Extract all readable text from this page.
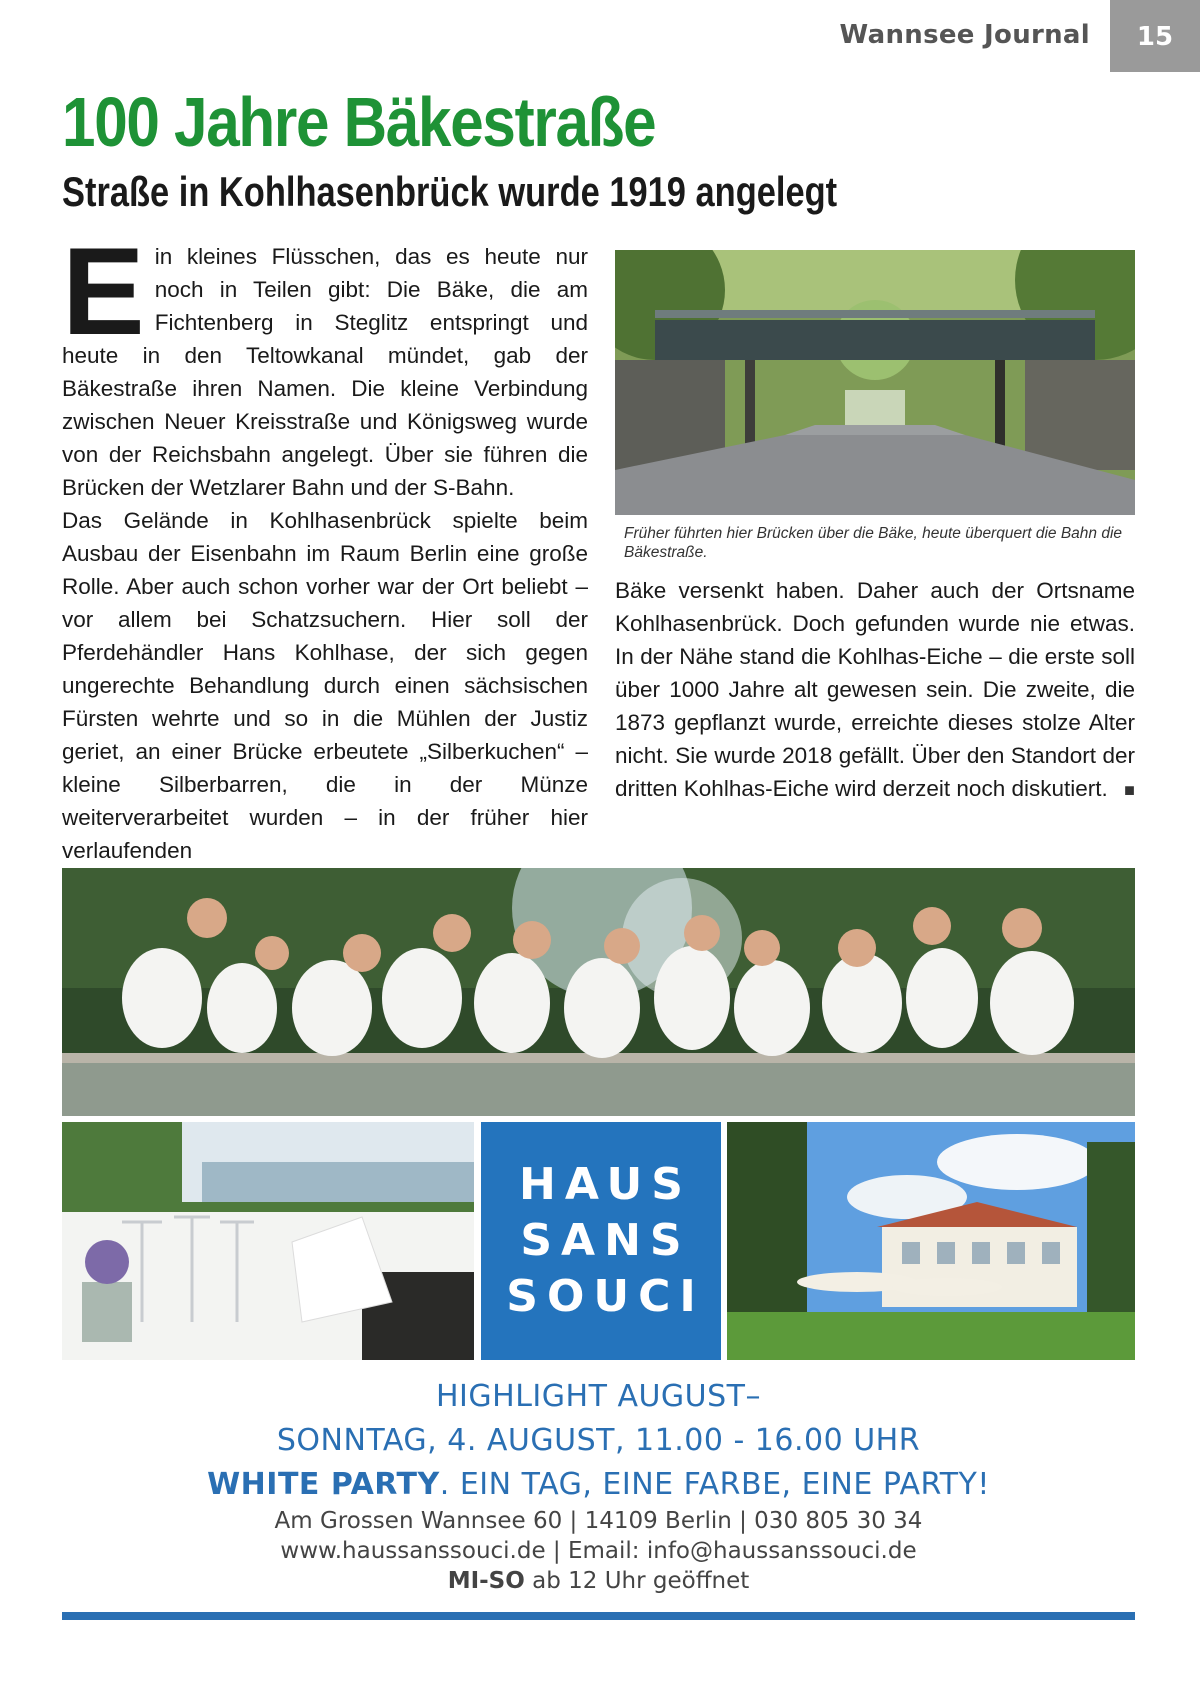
Wannsee Journal	15
100 Jahre Bäkestraße
Straße in Kohlhasenbrück wurde 1919 angelegt

Ein kleines Flüsschen, das es heute nur noch in Teilen gibt: Die Bäke, die am Fichtenberg in Steglitz entspringt und heute in den Teltowkanal mündet, gab der Bäkestraße ihren Namen. Die kleine Verbindung zwischen Neuer Kreisstraße und Königsweg wurde von der Reichsbahn angelegt. Über sie führen die Brücken der Wetzlarer Bahn und der S-Bahn.

Das Gelände in Kohlhasenbrück spielte beim Ausbau der Eisenbahn im Raum Berlin eine große Rolle. Aber auch schon vorher war der Ort beliebt – vor allem bei Schatzsuchern. Hier soll der Pferdehändler Hans Kohlhase, der sich gegen ungerechte Behandlung durch einen sächsischen Fürsten wehrte und so in die Mühlen der Justiz geriet, an einer Brücke erbeutete „Silberkuchen“ – kleine Silberbarren, die in der Münze weiterverarbeitet wurden – in der früher hier verlaufenden

Früher führten hier Brücken über die Bäke, heute überquert die Bahn die Bäkestraße.

Bäke versenkt haben. Daher auch der Ortsname Kohlhasenbrück. Doch gefunden wurde nie etwas. In der Nähe stand die Kohlhas-Eiche – die erste soll über 1000 Jahre alt gewesen sein. Die zweite, die 1873 gepflanzt wurde, erreichte dieses stolze Alter nicht. Sie wurde 2018 gefällt. Über den Standort der dritten Kohlhas-Eiche wird derzeit noch diskutiert. ■

HAUS
SANS
SOUCI
HIGHLIGHT AUGUST–
SONNTAG, 4. AUGUST, 11.00 - 16.00 UHR
WHITE PARTY. EIN TAG, EINE FARBE, EINE PARTY!
Am Grossen Wannsee 60 | 14109 Berlin | 030 805 30 34
www.haussanssouci.de | Email: info@haussanssouci.de
MI-SO ab 12 Uhr geöffnet
